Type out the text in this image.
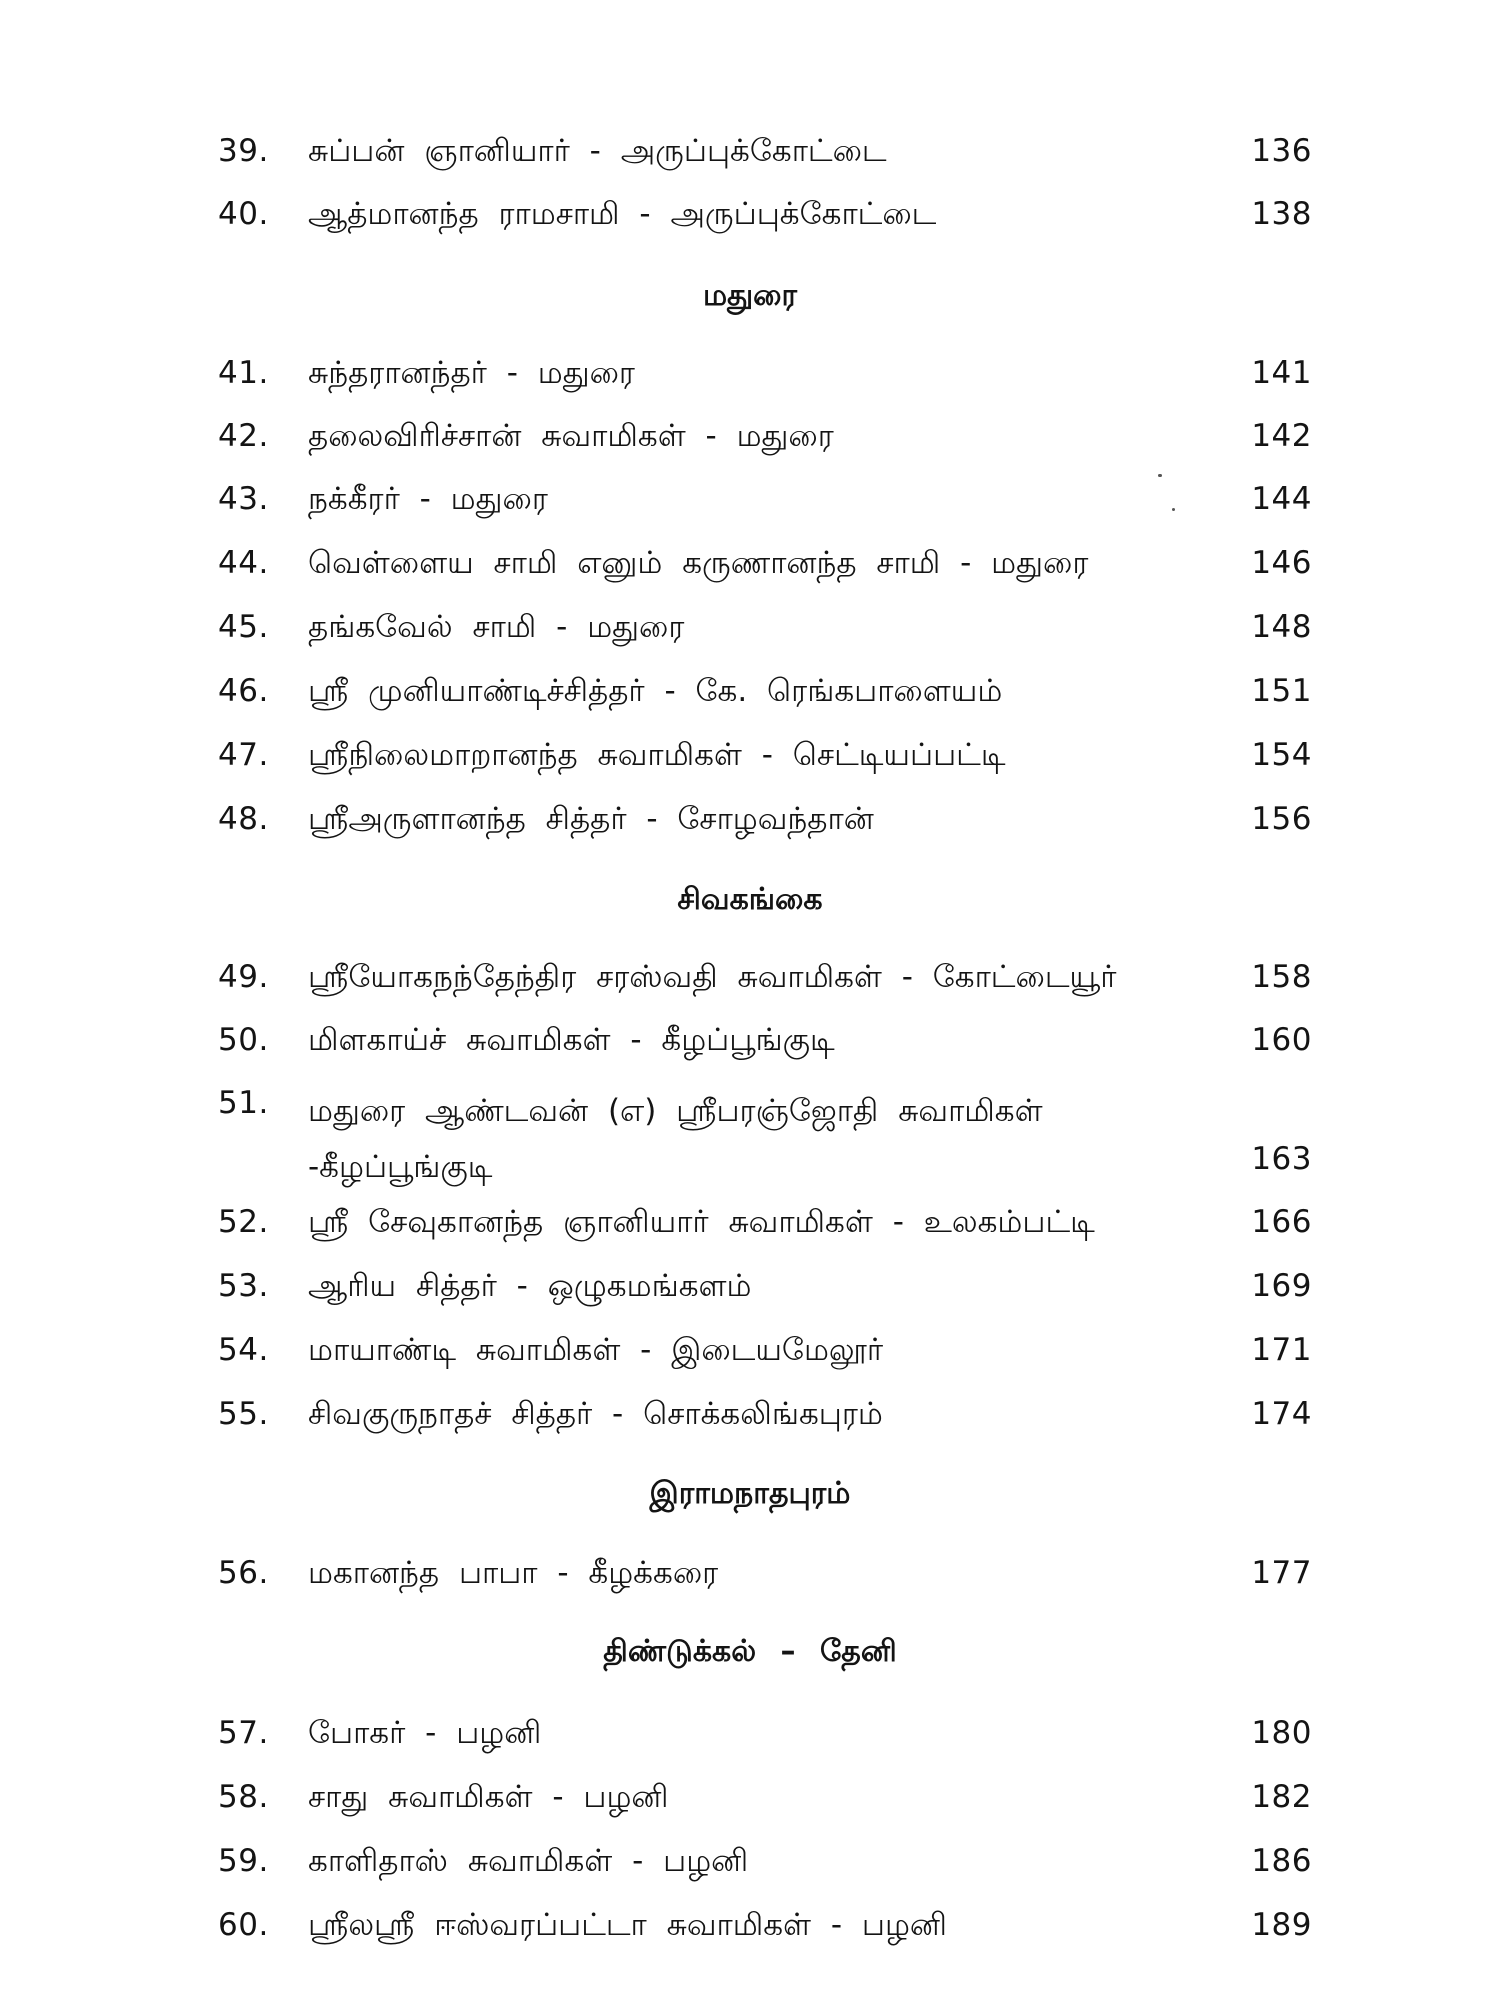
39.	சுப்பன் ஞானியார் - அருப்புக்கோட்டை	136
40.	ஆத்மானந்த ராமசாமி - அருப்புக்கோட்டை	138
மதுரை
41.	சுந்தரானந்தர் - மதுரை	141
42.	தலைவிரிச்சான் சுவாமிகள் - மதுரை	142
43.	நக்கீரர் - மதுரை	144
44.	வெள்ளைய சாமி எனும் கருணானந்த சாமி - மதுரை	146
45.	தங்கவேல் சாமி - மதுரை	148
46.	ஸ்ரீ முனியாண்டிச்சித்தர் - கே. ரெங்கபாளையம்	151
47.	ஸ்ரீநிலைமாறானந்த சுவாமிகள் - செட்டியப்பட்டி	154
48.	ஸ்ரீஅருளானந்த சித்தர் - சோழவந்தான்	156
சிவகங்கை
49.	ஸ்ரீயோகநந்தேந்திர சரஸ்வதி சுவாமிகள் - கோட்டையூர்	158
50.	மிளகாய்ச் சுவாமிகள் - கீழப்பூங்குடி	160
51.	மதுரை ஆண்டவன் (எ) ஸ்ரீபரஞ்ஜோதி சுவாமிகள் -கீழப்பூங்குடி	163
52.	ஸ்ரீ சேவுகானந்த ஞானியார் சுவாமிகள் - உலகம்பட்டி	166
53.	ஆரிய சித்தர் - ஒழுகமங்களம்	169
54.	மாயாண்டி சுவாமிகள் - இடையமேலூர்	171
55.	சிவகுருநாதச் சித்தர் - சொக்கலிங்கபுரம்	174
இராமநாதபுரம்
56.	மகானந்த பாபா - கீழக்கரை	177
திண்டுக்கல் – தேனி
57.	போகர் - பழனி	180
58.	சாது சுவாமிகள் - பழனி	182
59.	காளிதாஸ் சுவாமிகள் - பழனி	186
60.	ஸ்ரீலஸ்ரீ ஈஸ்வரப்பட்டா சுவாமிகள் - பழனி	189
